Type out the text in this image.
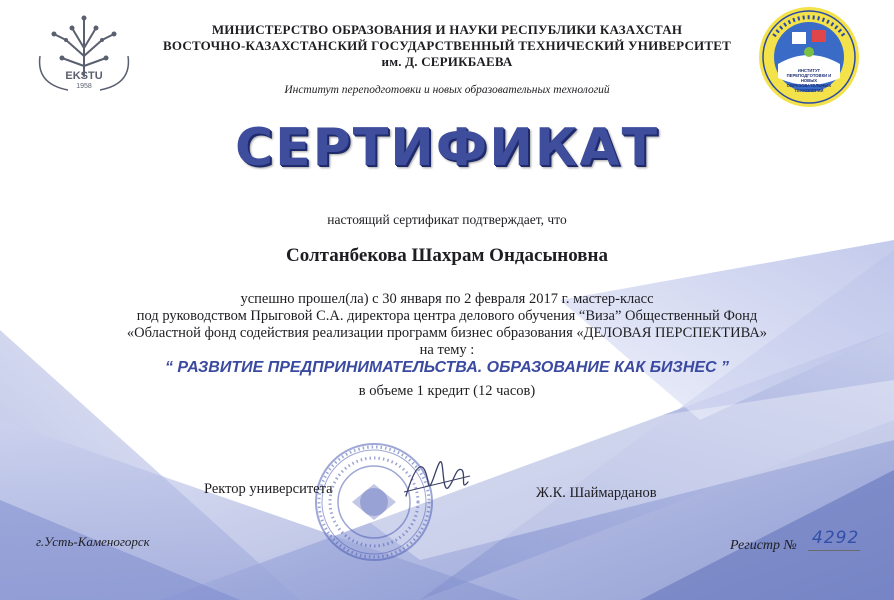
EKSTU
1958
ИНСТИТУТ ПЕРЕПОДГОТОВКИ И НОВЫХ ОБРАЗОВАТЕЛЬНЫХ ТЕХНОЛОГИЙ
МИНИСТЕРСТВО ОБРАЗОВАНИЯ И НАУКИ РЕСПУБЛИКИ КАЗАХСТАН
ВОСТОЧНО-КАЗАХСТАНСКИЙ ГОСУДАРСТВЕННЫЙ ТЕХНИЧЕСКИЙ УНИВЕРСИТЕТ
им. Д. СЕРИКБАЕВА
Институт переподготовки и новых образовательных технологий
СЕРТИФИКАТ
настоящий сертификат подтверждает, что
Солтанбекова Шахрам Ондасыновна
успешно прошел(ла) с 30 января по 2 февраля 2017 г. мастер-класс
под руководством Прыговой С.А. директора центра делового обучения “Виза” Общественный Фонд
«Областной фонд содействия реализации программ бизнес образования «ДЕЛОВАЯ ПЕРСПЕКТИВА»
на тему :
“ РАЗВИТИЕ ПРЕДПРИНИМАТЕЛЬСТВА. ОБРАЗОВАНИЕ КАК БИЗНЕС ”
в объеме 1 кредит (12 часов)
Ректор университета	Ж.К. Шаймарданов
г.Усть-Каменогорск	Регистр № 4292
